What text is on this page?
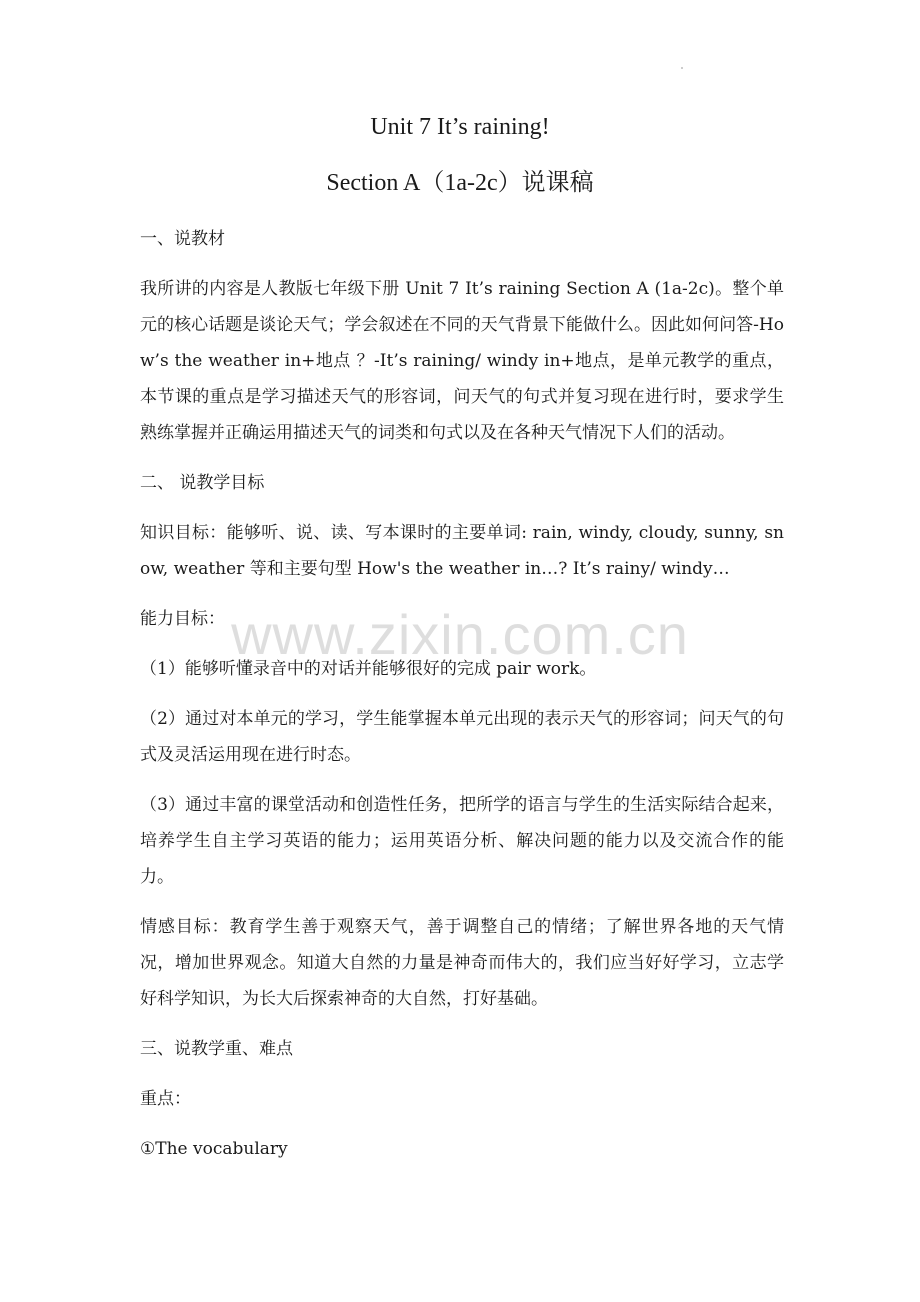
Unit 7 It’s raining!
Section A（1a-2c）说课稿
一、说教材
我所讲的内容是人教版七年级下册 Unit 7 It’s raining Section A (1a-2c)。整个单元的核心话题是谈论天气；学会叙述在不同的天气背景下能做什么。因此如何问答-How’s the weather in+地点 ？-It’s raining/ windy in+地点，是单元教学的重点，本节课的重点是学习描述天气的形容词，问天气的句式并复习现在进行时，要求学生熟练掌握并正确运用描述天气的词类和句式以及在各种天气情况下人们的活动。
二、 说教学目标
知识目标：能够听、说、读、写本课时的主要单词: rain, windy, cloudy, sunny, snow, weather 等和主要句型 How's the weather in…? It’s rainy/ windy…
能力目标：
（1）能够听懂录音中的对话并能够很好的完成 pair work。
（2）通过对本单元的学习，学生能掌握本单元出现的表示天气的形容词；问天气的句式及灵活运用现在进行时态。
（3）通过丰富的课堂活动和创造性任务，把所学的语言与学生的生活实际结合起来，培养学生自主学习英语的能力；运用英语分析、解决问题的能力以及交流合作的能力。
情感目标：教育学生善于观察天气，善于调整自己的情绪；了解世界各地的天气情况，增加世界观念。知道大自然的力量是神奇而伟大的，我们应当好好学习，立志学好科学知识，为长大后探索神奇的大自然，打好基础。
三、说教学重、难点
重点：
①The vocabulary
www.zixin.com.cn
